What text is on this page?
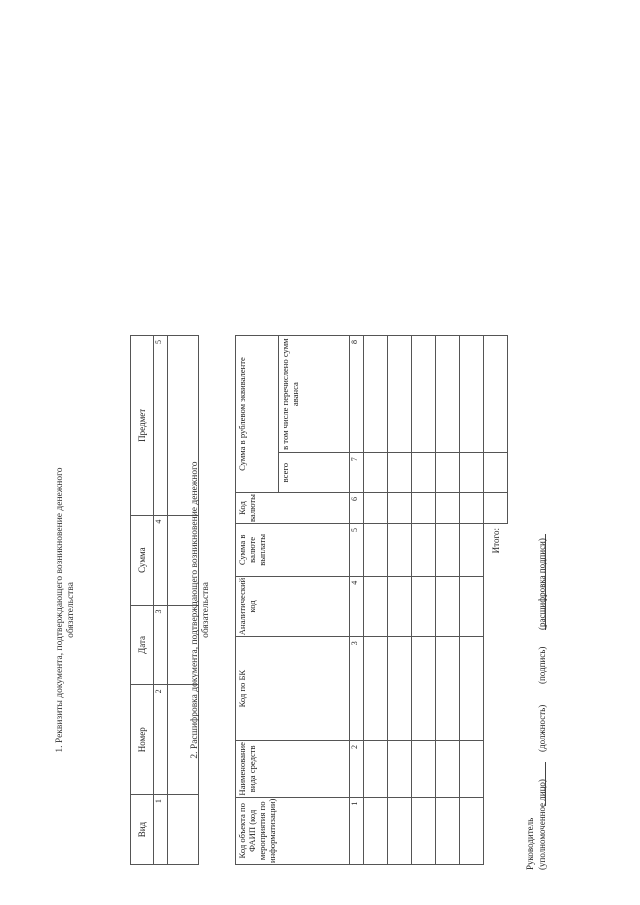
1. Реквизиты документа, подтверждающего возникновение денежного обязательства
Вид	Номер	Дата	Сумма	Предмет
1	2	3	4	5

2. Расшифровка документа, подтверждающего возникновение денежного обязательства
Код объекта по ФАИП (код мероприятия по информатизации)	Наименование вида средств	Код по БК	Аналитический код	Сумма в валюте выплаты	Код валюты	Сумма в рублевом эквиваленте	
						всего	в том числе перечислено сумм аванса
1	2	3	4	5	6	7	8

				Итого:			
Руководитель (уполномоченное лицо)
(должность)
(подпись)
(расшифровка подписи)
